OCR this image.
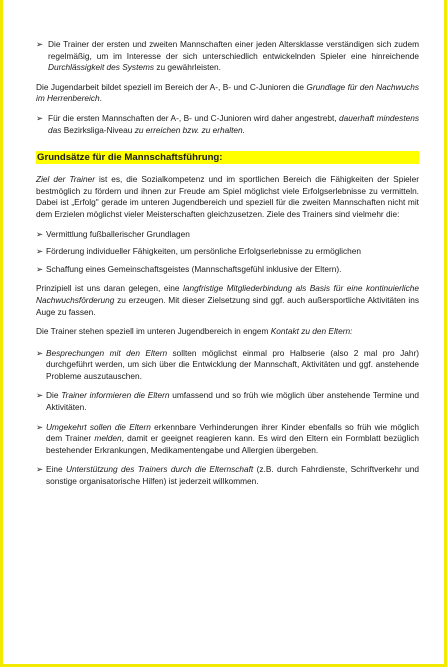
➢ Die Trainer der ersten und zweiten Mannschaften einer jeden Altersklasse verständigen sich zudem regelmäßig, um im Interesse der sich unterschiedlich entwickelnden Spieler eine hinreichende Durchlässigkeit des Systems zu gewährleisten.
Die Jugendarbeit bildet speziell im Bereich der A-, B- und C-Junioren die Grundlage für den Nachwuchs im Herrenbereich.
➢ Für die ersten Mannschaften der A-, B- und C-Junioren wird daher angestrebt, dauerhaft mindestens das Bezirksliga-Niveau zu erreichen bzw. zu erhalten.
Grundsätze für die Mannschaftsführung:
Ziel der Trainer ist es, die Sozialkompetenz und im sportlichen Bereich die Fähigkeiten der Spieler bestmöglich zu fördern und ihnen zur Freude am Spiel möglichst viele Erfolgserlebnisse zu vermitteln. Dabei ist „Erfolg" gerade im unteren Jugendbereich und speziell für die zweiten Mannschaften nicht mit dem Erzielen möglichst vieler Meisterschaften gleichzusetzen. Ziele des Trainers sind vielmehr die:
➢ Vermittlung fußballerischer Grundlagen
➢ Förderung individueller Fähigkeiten, um persönliche Erfolgserlebnisse zu ermöglichen
➢ Schaffung eines Gemeinschaftsgeistes (Mannschaftsgefühl inklusive der Eltern).
Prinzipiell ist uns daran gelegen, eine langfristige Mitgliederbindung als Basis für eine kontinuierliche Nachwuchsförderung zu erzeugen. Mit dieser Zielsetzung sind ggf. auch außersportliche Aktivitäten ins Auge zu fassen.
Die Trainer stehen speziell im unteren Jugendbereich in engem Kontakt zu den Eltern:
➢ Besprechungen mit den Eltern sollten möglichst einmal pro Halbserie (also 2 mal pro Jahr) durchgeführt werden, um sich über die Entwicklung der Mannschaft, Aktivitäten und ggf. anstehende Probleme auszutauschen.
➢ Die Trainer informieren die Eltern umfassend und so früh wie möglich über anstehende Termine und Aktivitäten.
➢ Umgekehrt sollen die Eltern erkennbare Verhinderungen ihrer Kinder ebenfalls so früh wie möglich dem Trainer melden, damit er geeignet reagieren kann. Es wird den Eltern ein Formblatt bezüglich bestehender Erkrankungen, Medikamentengabe und Allergien übergeben.
➢ Eine Unterstützung des Trainers durch die Elternschaft (z.B. durch Fahrdienste, Schriftverkehr und sonstige organisatorische Hilfen) ist jederzeit willkommen.
